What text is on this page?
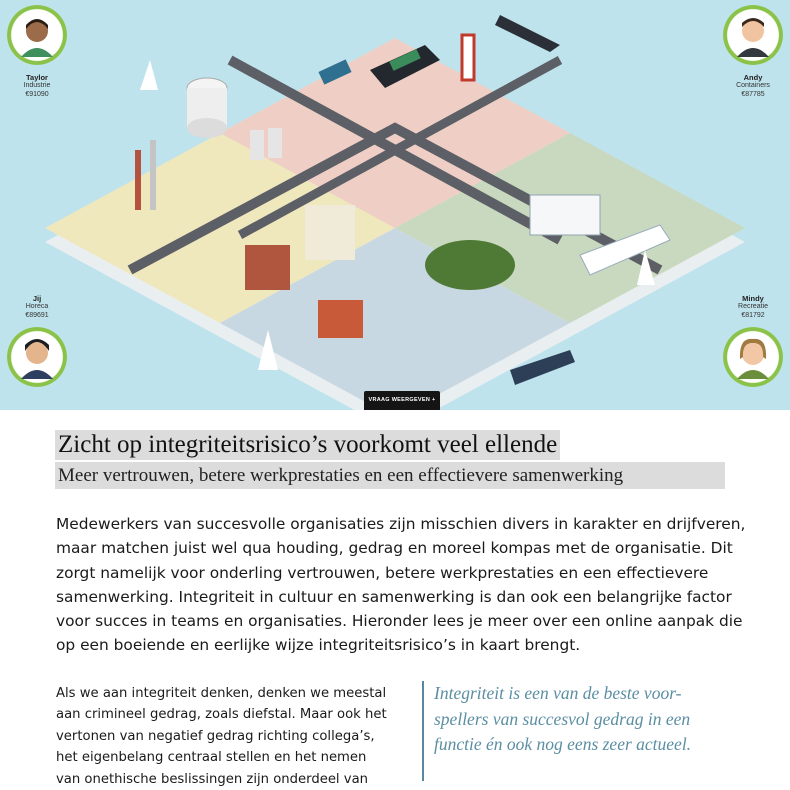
Taylor
Industrie
€91090
Andy
Containers
€87785
Jij
Horeca
€89691
Mindy
Recreatie
€81792
VRAAG WEERGEVEN +
Zicht op integriteitsrisico’s voorkomt veel ellende
Meer vertrouwen, betere werkprestaties en een effectievere samenwerking
Medewerkers van succesvolle organisaties zijn misschien divers in karakter en drijfveren,
maar matchen juist wel qua houding, gedrag en moreel kompas met de organisatie. Dit
zorgt namelijk voor onderling vertrouwen, betere werkprestaties en een effectievere
samenwerking. Integriteit in cultuur en samenwerking is dan ook een belangrijke factor
voor succes in teams en organisaties. Hieronder lees je meer over een online aanpak die
op een boeiende en eerlijke wijze integriteitsrisico’s in kaart brengt.
Als we aan integriteit denken, denken we meestal
aan crimineel gedrag, zoals diefstal. Maar ook het
vertonen van negatief gedrag richting collega’s,
het eigenbelang centraal stellen en het nemen
van onethische beslissingen zijn onderdeel van
Integriteit is een van de beste voor-
spellers van succesvol gedrag in een
functie én ook nog eens zeer actueel.
